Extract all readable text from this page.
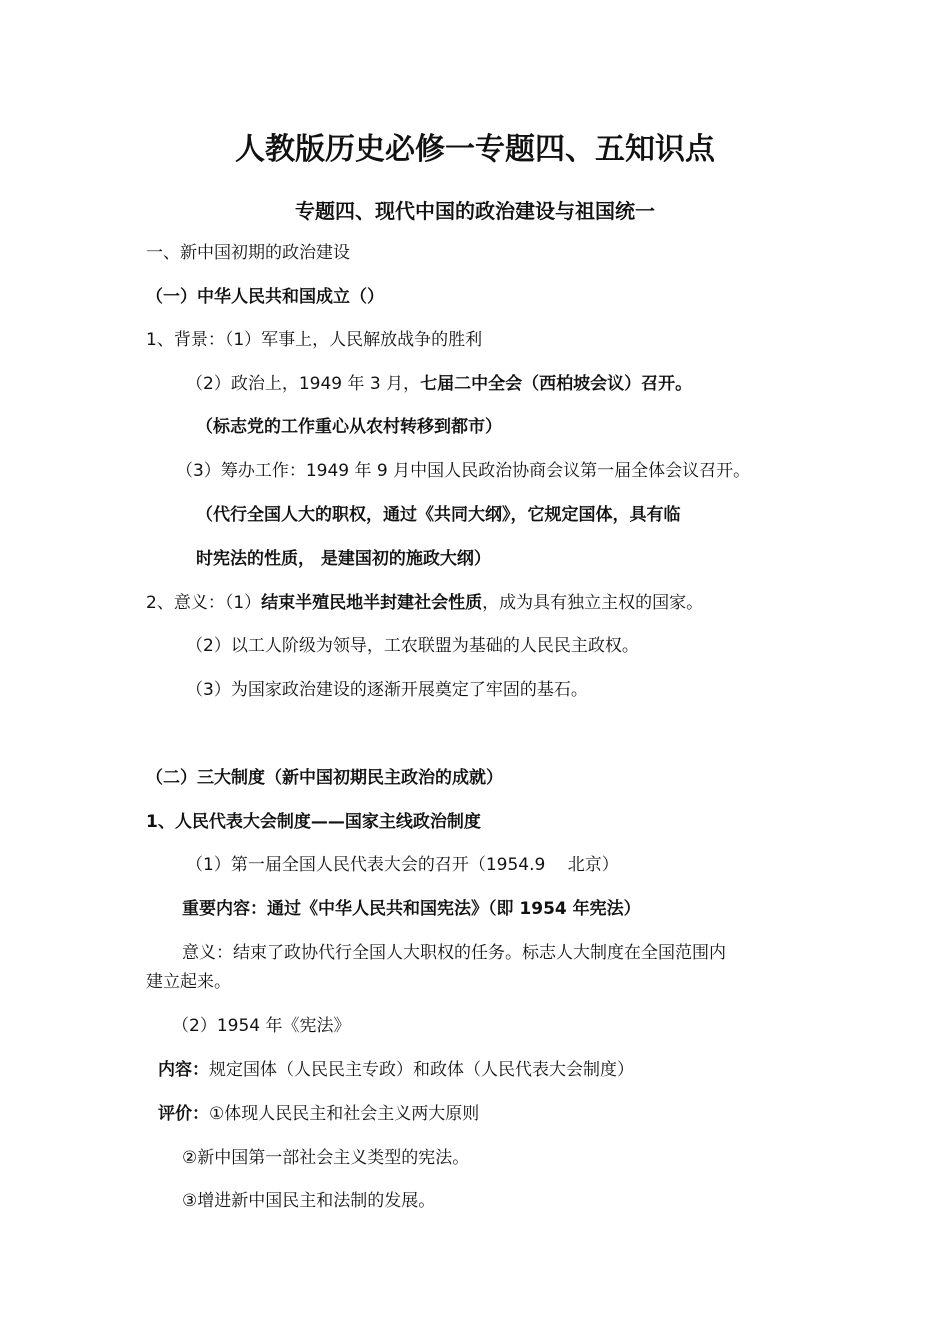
人教版历史必修一专题四、五知识点
专题四、现代中国的政治建设与祖国统一
一、新中国初期的政治建设
（一）中华人民共和国成立（）
1、背景：（1）军事上，人民解放战争的胜利
（2）政治上，1949 年 3 月，七届二中全会（西柏坡会议）召开。
（标志党的工作重心从农村转移到都市）
（3）筹办工作：1949 年 9 月中国人民政治协商会议第一届全体会议召开。
（代行全国人大的职权，通过《共同大纲》，它规定国体，具有临
时宪法的性质， 是建国初的施政大纲）
2、意义：（1）结束半殖民地半封建社会性质，成为具有独立主权的国家。
（2）以工人阶级为领导，工农联盟为基础的人民民主政权。
（3）为国家政治建设的逐渐开展奠定了牢固的基石。
（二）三大制度（新中国初期民主政治的成就）
1、人民代表大会制度——国家主线政治制度
（1）第一届全国人民代表大会的召开（1954.9　 北京）
重要内容：通过《中华人民共和国宪法》（即 1954 年宪法）
意义：结束了政协代行全国人大职权的任务。标志人大制度在全国范围内
建立起来。
（2）1954 年《宪法》
内容：规定国体（人民民主专政）和政体（人民代表大会制度）
评价：①体现人民民主和社会主义两大原则
②新中国第一部社会主义类型的宪法。
③增进新中国民主和法制的发展。
